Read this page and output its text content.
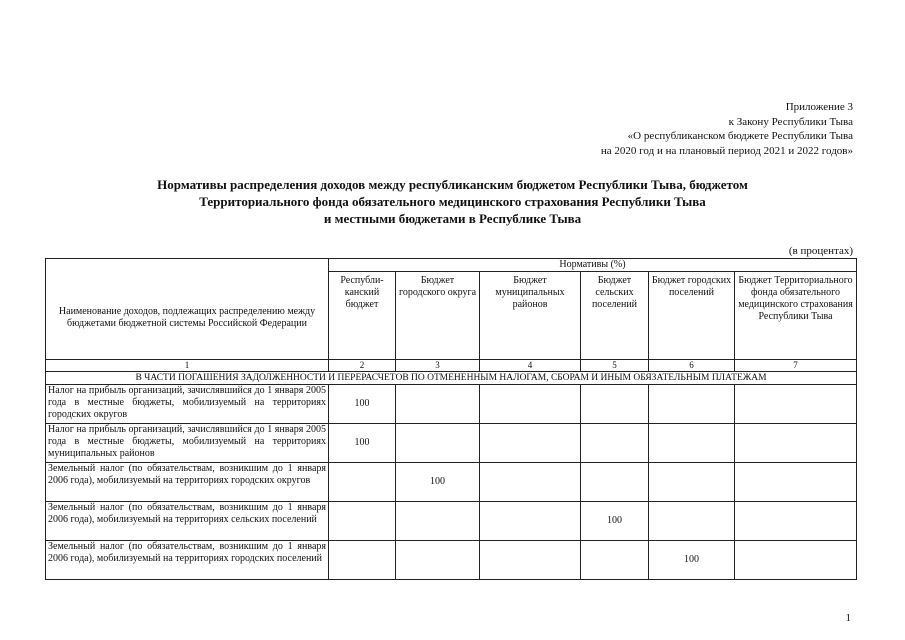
Приложение 3
к Закону Республики Тыва
«О республиканском бюджете Республики Тыва
на 2020 год и на плановый период 2021 и 2022 годов»
Нормативы распределения доходов между республиканским бюджетом Республики Тыва, бюджетом
Территориального фонда обязательного медицинского страхования Республики Тыва
и местными бюджетами в Республике Тыва
(в процентах)
Наименование доходов, подлежащих распределению между бюджетами бюджетной системы Российской Федерации	Нормативы (%)					
	Республи-канский бюджет	Бюджет городского округа	Бюджет муниципальных районов	Бюджет сельских поселений	Бюджет городских поселений	Бюджет Территориального фонда обязательного медицинского страхования Республики Тыва
1	2	3	4	5	6	7
В ЧАСТИ ПОГАШЕНИЯ ЗАДОЛЖЕННОСТИ И ПЕРЕРАСЧЕТОВ ПО ОТМЕНЕННЫМ НАЛОГАМ, СБОРАМ И ИНЫМ ОБЯЗАТЕЛЬНЫМ ПЛАТЕЖАМ						
Налог на прибыль организаций, зачислявшийся до 1 января 2005 года в местные бюджеты, мобилизуемый на территориях городских округов	100					
Налог на прибыль организаций, зачислявшийся до 1 января 2005 года в местные бюджеты, мобилизуемый на территориях муниципальных районов	100					
Земельный налог (по обязательствам, возникшим до 1 января 2006 года), мобилизуемый на территориях городских округов		100				
Земельный налог (по обязательствам, возникшим до 1 января 2006 года), мобилизуемый на территориях сельских поселений				100		
Земельный налог (по обязательствам, возникшим до 1 января 2006 года), мобилизуемый на территориях городских поселений					100	
1
